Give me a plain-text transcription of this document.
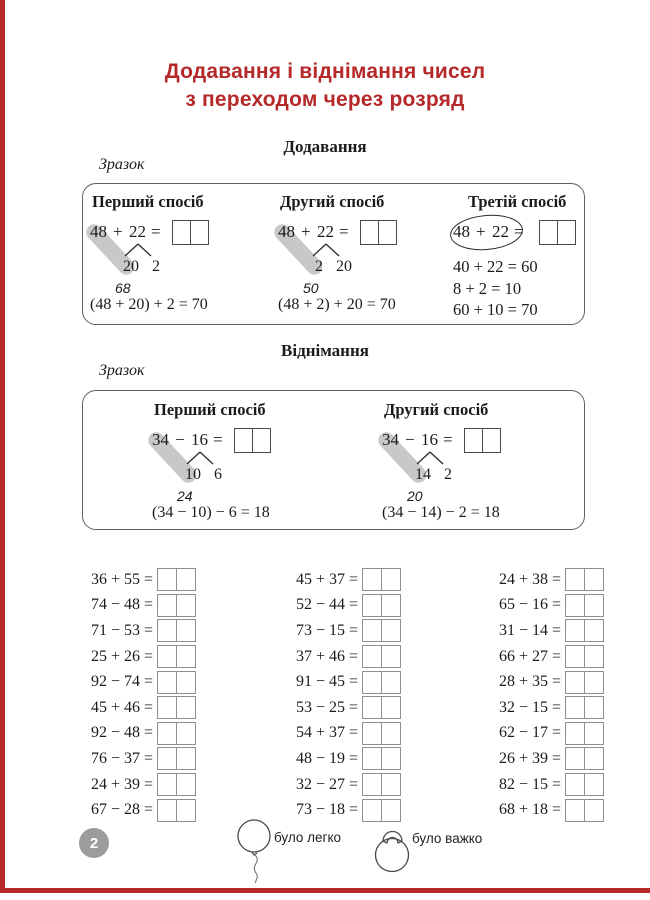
Додавання і віднімання чисел
з переходом через розряд
Додавання
Зразок
Перший спосіб
48 + 22 =
20 2
68
(48 + 20) + 2 = 70
Другий спосіб
48 + 22 =
2 20
50
(48 + 2) + 20 = 70
Третій спосіб
48 + 22 =
40 + 22 = 60
8 + 2 = 10
60 + 10 = 70
Віднімання
Зразок
Перший спосіб
34 − 16 =
10 6
24
(34 − 10) − 6 = 18
Другий спосіб
34 − 16 =
14 2
20
(34 − 14) − 2 = 18
36 + 55 =
74 − 48 =
71 − 53 =
25 + 26 =
92 − 74 =
45 + 46 =
92 − 48 =
76 − 37 =
24 + 39 =
67 − 28 =
45 + 37 =
52 − 44 =
73 − 15 =
37 + 46 =
91 − 45 =
53 − 25 =
54 + 37 =
48 − 19 =
32 − 27 =
73 − 18 =
24 + 38 =
65 − 16 =
31 − 14 =
66 + 27 =
28 + 35 =
32 − 15 =
62 − 17 =
26 + 39 =
82 − 15 =
68 + 18 =
2	було легко	було важко
